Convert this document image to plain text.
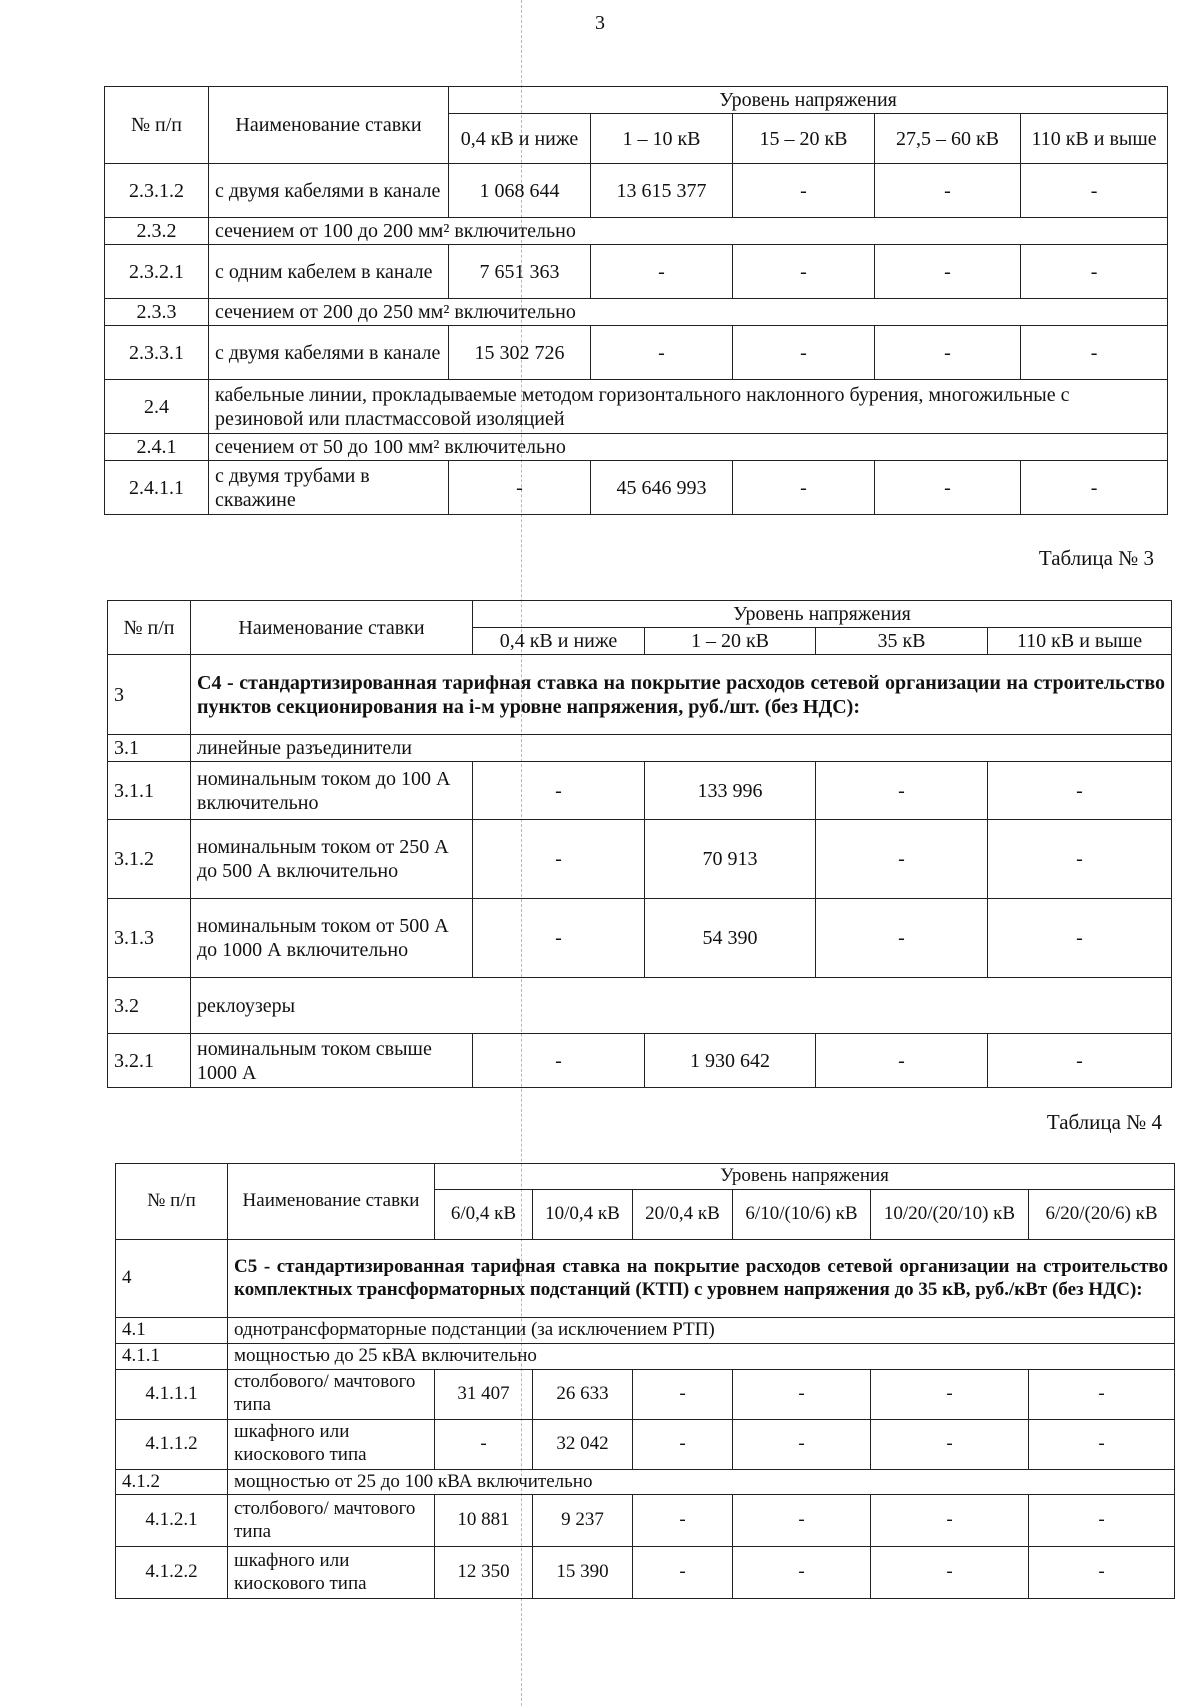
3
№ п/п	Наименование ставки	Уровень напряжения				
		0,4 кВ и ниже	1 – 10 кВ	15 – 20 кВ	27,5 – 60 кВ	110 кВ и выше
2.3.1.2	с двумя кабелями в канале	1 068 644	13 615 377	-	-	-
2.3.2	сечением от 100 до 200 мм² включительно					
2.3.2.1	с одним кабелем в канале	7 651 363	-	-	-	-
2.3.3	сечением от 200 до 250 мм² включительно					
2.3.3.1	с двумя кабелями в канале	15 302 726	-	-	-	-
2.4	кабельные линии, прокладываемые методом горизонтального наклонного бурения, многожильные с резиновой или пластмассовой изоляцией					
2.4.1	сечением от 50 до 100 мм² включительно					
2.4.1.1	с двумя трубами в скважине	-	45 646 993	-	-	-
Таблица № 3
№ п/п	Наименование ставки	Уровень напряжения			
		0,4 кВ и ниже	1 – 20 кВ	35 кВ	110 кВ и выше
3	С4 - стандартизированная тарифная ставка на покрытие расходов сетевой организации на строительство пунктов секционирования на i-м уровне напряжения, руб./шт. (без НДС):				
3.1	линейные разъединители				
3.1.1	номинальным током до 100 А включительно	-	133 996	-	-
3.1.2	номинальным током от 250 А до 500 А включительно	-	70 913	-	-
3.1.3	номинальным током от 500 А до 1000 А включительно	-	54 390	-	-
3.2	реклоузеры				
3.2.1	номинальным током свыше 1000 А	-	1 930 642	-	-
Таблица № 4
№ п/п	Наименование ставки	Уровень напряжения					
		6/0,4 кВ	10/0,4 кВ	20/0,4 кВ	6/10/(10/6) кВ	10/20/(20/10) кВ	6/20/(20/6) кВ
4	С5 - стандартизированная тарифная ставка на покрытие расходов сетевой организации на строительство комплектных трансформаторных подстанций (КТП) с уровнем напряжения до 35 кВ, руб./кВт (без НДС):						
4.1	однотрансформаторные подстанции (за исключением РТП)						
4.1.1	мощностью до 25 кВА включительно						
4.1.1.1	столбового/ мачтового типа	31 407	26 633	-	-	-	-
4.1.1.2	шкафного или киоскового типа	-	32 042	-	-	-	-
4.1.2	мощностью от 25 до 100 кВА включительно						
4.1.2.1	столбового/ мачтового типа	10 881	9 237	-	-	-	-
4.1.2.2	шкафного или киоскового типа	12 350	15 390	-	-	-	-
